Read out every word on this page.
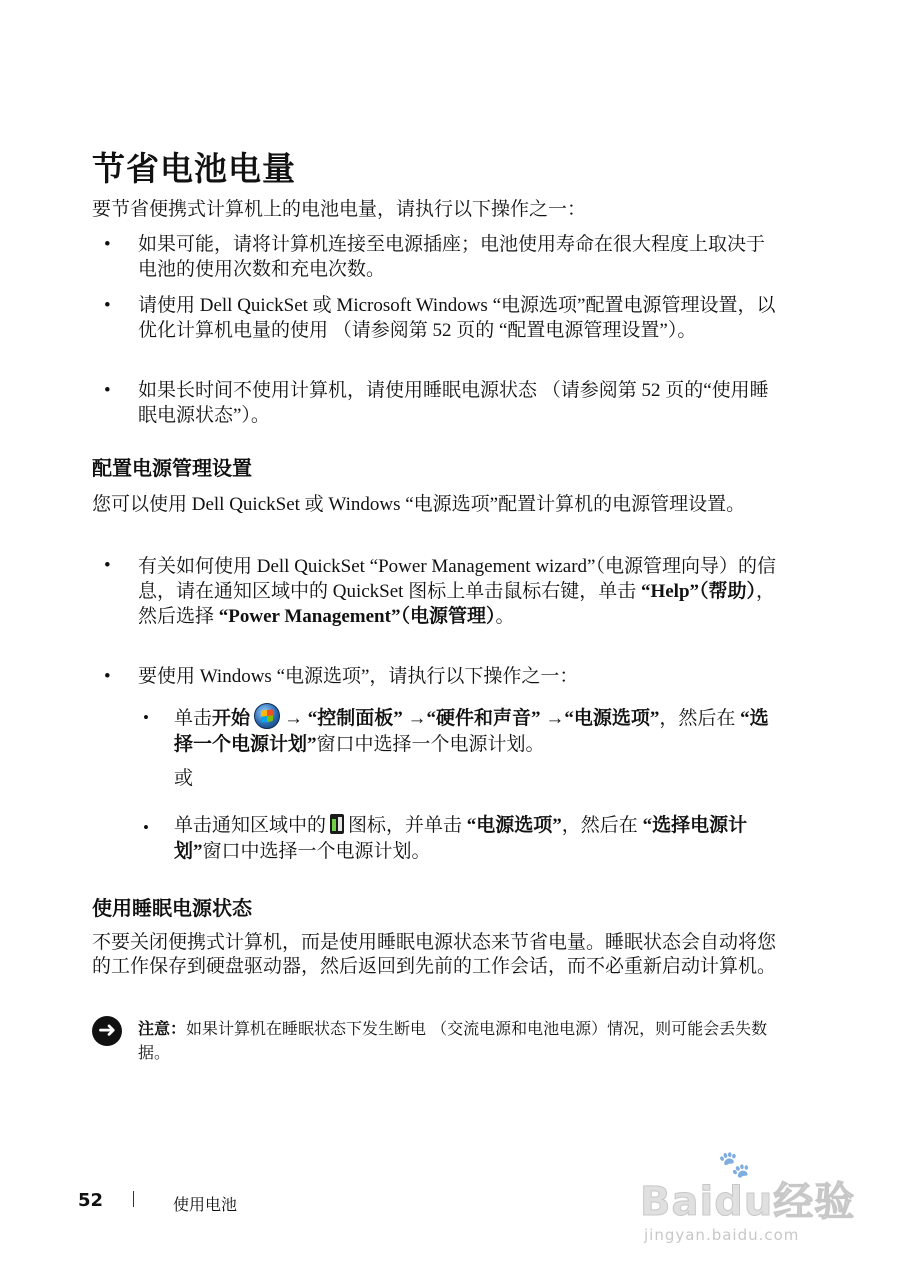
节省电池电量

要节省便携式计算机上的电池电量，请执行以下操作之一：

• 如果可能，请将计算机连接至电源插座；电池使用寿命在很大程度上取决于电池的使用次数和充电次数。

• 请使用 Dell QuickSet 或 Microsoft Windows “电源选项”配置电源管理设置，以优化计算机电量的使用 （请参阅第 52 页的 “配置电源管理设置”）。

• 如果长时间不使用计算机，请使用睡眠电源状态 （请参阅第 52 页的“使用睡眠电源状态”）。

配置电源管理设置

您可以使用 Dell QuickSet 或 Windows “电源选项”配置计算机的电源管理设置。

• 有关如何使用 Dell QuickSet “Power Management wizard”（电源管理向导）的信息，请在通知区域中的 QuickSet 图标上单击鼠标右键，单击 “Help”（帮助），然后选择 “Power Management”（电源管理）。

• 要使用 Windows “电源选项”，请执行以下操作之一：

• 单击开始 → “控制面板” →“硬件和声音” →“电源选项”，然后在 “选择一个电源计划”窗口中选择一个电源计划。

或

• 单击通知区域中的 图标，并单击 “电源选项”，然后在 “选择电源计划”窗口中选择一个电源计划。

使用睡眠电源状态

不要关闭便携式计算机，而是使用睡眠电源状态来节省电量。睡眠状态会自动将您的工作保存到硬盘驱动器，然后返回到先前的工作会话，而不必重新启动计算机。

➜	注意：如果计算机在睡眠状态下发生断电 （交流电源和电池电源）情况，则可能会丢失数据。

52	使用电池
🐾
Baidu经验
jingyan.baidu.com
